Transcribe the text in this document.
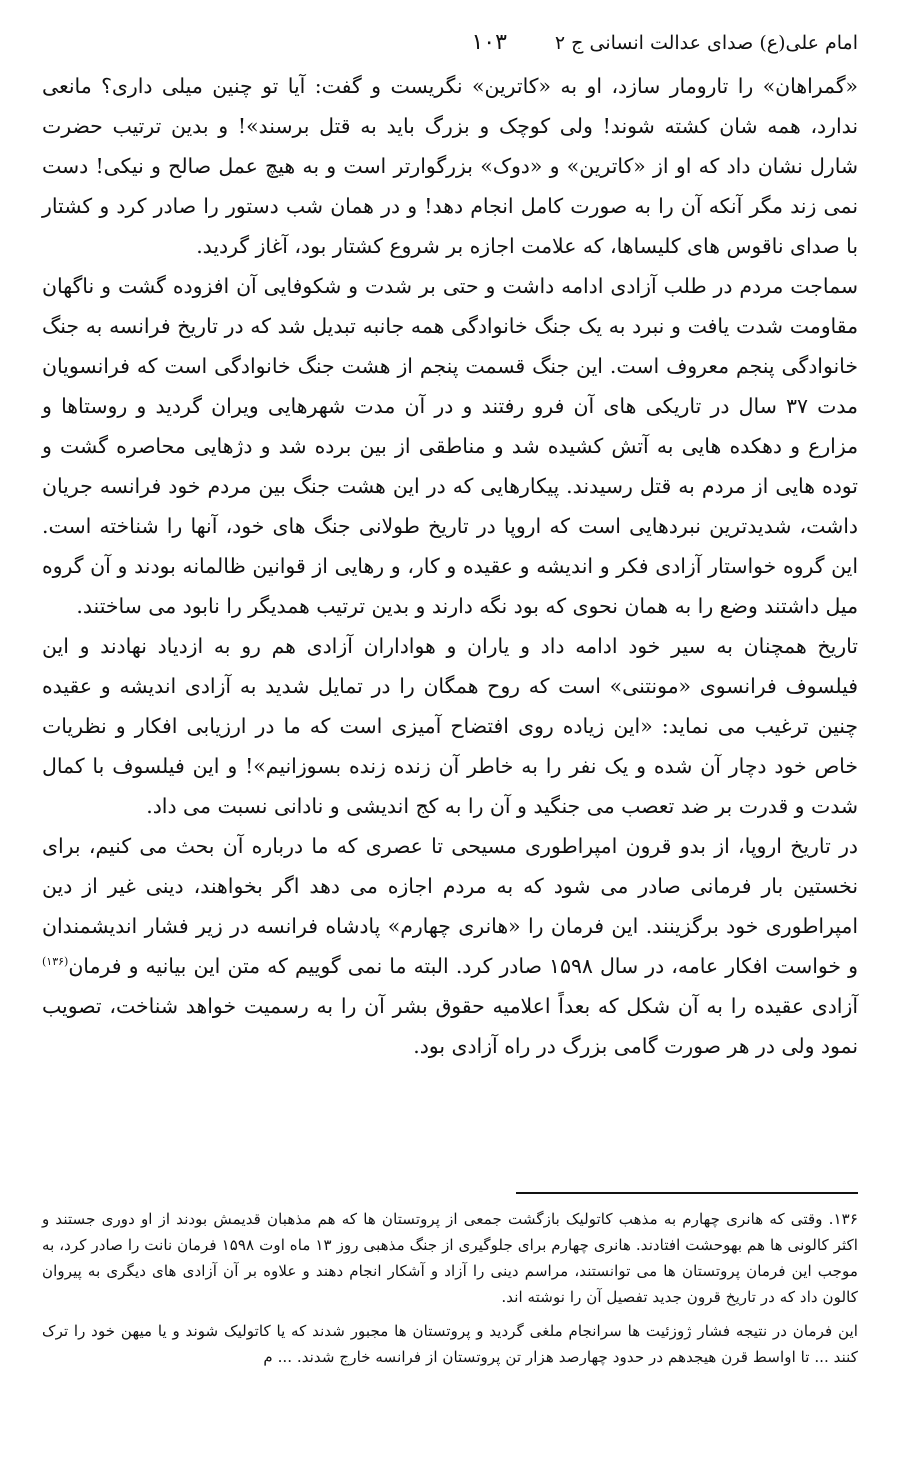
امام علی(ع) صدای عدالت انسانی ج ۲
۱۰۳

«گمراهان» را تارومار سازد، او به «کاترین» نگریست و گفت: آیا تو چنین میلی داری؟ مانعی ندارد، همه شان کشته شوند! ولی کوچک و بزرگ باید به قتل برسند»! و بدین ترتیب حضرت شارل نشان داد که او از «کاترین» و «دوک» بزرگوارتر است و به هیچ عمل صالح و نیکی! دست نمی زند مگر آنکه آن را به صورت کامل انجام دهد! و در همان شب دستور را صادر کرد و کشتار با صدای ناقوس های کلیساها، که علامت اجازه بر شروع کشتار بود، آغاز گردید.

سماجت مردم در طلب آزادی ادامه داشت و حتی بر شدت و شکوفایی آن افزوده گشت و ناگهان مقاومت شدت یافت و نبرد به یک جنگ خانوادگی همه جانبه تبدیل شد که در تاریخ فرانسه به جنگ خانوادگی پنجم معروف است. این جنگ قسمت پنجم از هشت جنگ خانوادگی است که فرانسویان مدت ۳۷ سال در تاریکی های آن فرو رفتند و در آن مدت شهرهایی ویران گردید و روستاها و مزارع و دهکده هایی به آتش کشیده شد و مناطقی از بین برده شد و دژهایی محاصره گشت و توده هایی از مردم به قتل رسیدند. پیکارهایی که در این هشت جنگ بین مردم خود فرانسه جریان داشت، شدیدترین نبردهایی است که اروپا در تاریخ طولانی جنگ های خود، آنها را شناخته است. این گروه خواستار آزادی فکر و اندیشه و عقیده و کار، و رهایی از قوانین ظالمانه بودند و آن گروه میل داشتند وضع را به همان نحوی که بود نگه دارند و بدین ترتیب همدیگر را نابود می ساختند.

تاریخ همچنان به سیر خود ادامه داد و یاران و هواداران آزادی هم رو به ازدیاد نهادند و این فیلسوف فرانسوی «مونتنی» است که روح همگان را در تمایل شدید به آزادی اندیشه و عقیده چنین ترغیب می نماید: «این زیاده روی افتضاح آمیزی است که ما در ارزیابی افکار و نظریات خاص خود دچار آن شده و یک نفر را به خاطر آن زنده زنده بسوزانیم»! و این فیلسوف با کمال شدت و قدرت بر ضد تعصب می جنگید و آن را به کج اندیشی و نادانی نسبت می داد.

در تاریخ اروپا، از بدو قرون امپراطوری مسیحی تا عصری که ما درباره آن بحث می کنیم، برای نخستین بار فرمانی صادر می شود که به مردم اجازه می دهد اگر بخواهند، دینی غیر از دین امپراطوری خود برگزینند. این فرمان را «هانری چهارم» پادشاه فرانسه در زیر فشار اندیشمندان و خواست افکار عامه، در سال ۱۵۹۸ صادر کرد. البته ما نمی گوییم که متن این بیانیه و فرمان$^{(۱۳۶)}$ آزادی عقیده را به آن شکل که بعداً اعلامیه حقوق بشر آن را به رسمیت خواهد شناخت، تصویب نمود ولی در هر صورت گامی بزرگ در راه آزادی بود.

۱۳۶. وقتی که هانری چهارم به مذهب کاتولیک بازگشت جمعی از پروتستان ها که هم مذهبان قدیمش بودند از او دوری جستند و اکثر کالونی ها هم بهوحشت افتادند. هانری چهارم برای جلوگیری از جنگ مذهبی روز ۱۳ ماه اوت ۱۵۹۸ فرمان نانت را صادر کرد، به موجب این فرمان پروتستان ها می توانستند، مراسم دینی را آزاد و آشکار انجام دهند و علاوه بر آن آزادی های دیگری به پیروان کالون داد که در تاریخ قرون جدید تفصیل آن را نوشته اند.

این فرمان در نتیجه فشار ژوزئیت ها سرانجام ملغی گردید و پروتستان ها مجبور شدند که یا کاتولیک شوند و یا میهن خود را ترک کنند ... تا اواسط قرن هیجدهم در حدود چهارصد هزار تن پروتستان از فرانسه خارج شدند. ... م
